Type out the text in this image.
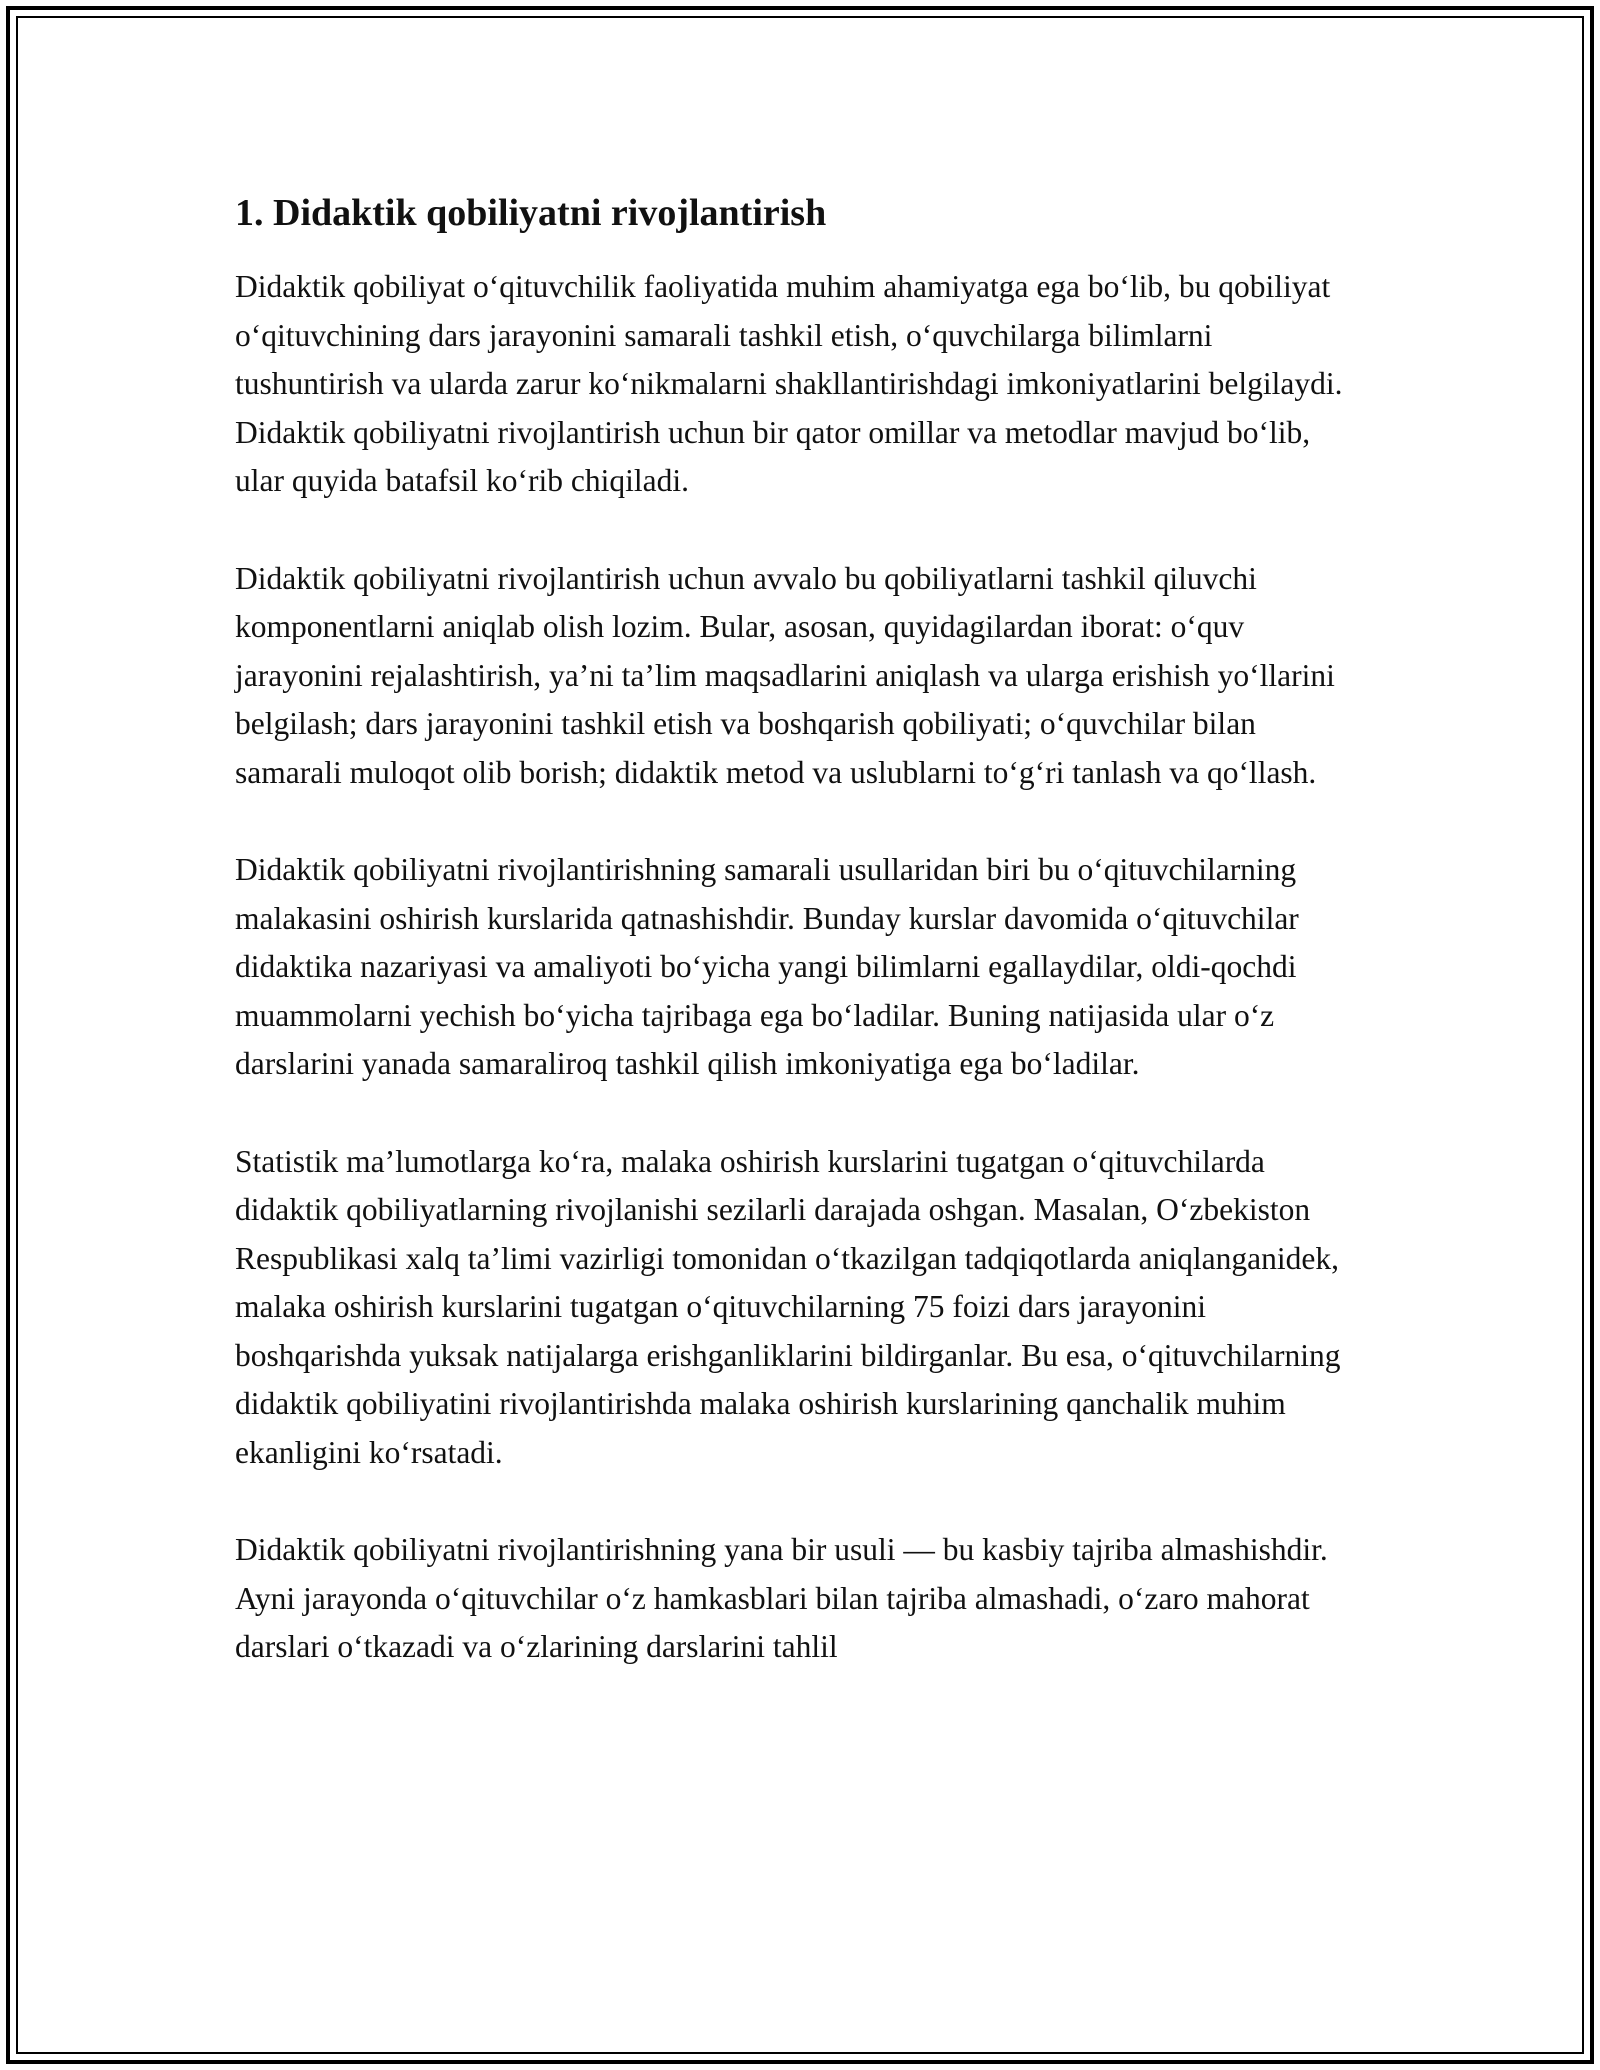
1. Didaktik qobiliyatni rivojlantirish

Didaktik qobiliyat oʻqituvchilik faoliyatida muhim ahamiyatga ega boʻlib, bu qobiliyat oʻqituvchining dars jarayonini samarali tashkil etish, oʻquvchilarga bilimlarni tushuntirish va ularda zarur koʻnikmalarni shakllantirishdagi imkoniyatlarini belgilaydi. Didaktik qobiliyatni rivojlantirish uchun bir qator omillar va metodlar mavjud boʻlib, ular quyida batafsil koʻrib chiqiladi.

Didaktik qobiliyatni rivojlantirish uchun avvalo bu qobiliyatlarni tashkil qiluvchi komponentlarni aniqlab olish lozim. Bular, asosan, quyidagilardan iborat: oʻquv jarayonini rejalashtirish, yaʼni taʼlim maqsadlarini aniqlash va ularga erishish yoʻllarini belgilash; dars jarayonini tashkil etish va boshqarish qobiliyati; oʻquvchilar bilan samarali muloqot olib borish; didaktik metod va uslublarni toʻgʻri tanlash va qoʻllash.

Didaktik qobiliyatni rivojlantirishning samarali usullaridan biri bu oʻqituvchilarning malakasini oshirish kurslarida qatnashishdir. Bunday kurslar davomida oʻqituvchilar didaktika nazariyasi va amaliyoti boʻyicha yangi bilimlarni egallaydilar, oldi-qochdi muammolarni yechish boʻyicha tajribaga ega boʻladilar. Buning natijasida ular oʻz darslarini yanada samaraliroq tashkil qilish imkoniyatiga ega boʻladilar.

Statistik maʼlumotlarga koʻra, malaka oshirish kurslarini tugatgan oʻqituvchilarda didaktik qobiliyatlarning rivojlanishi sezilarli darajada oshgan. Masalan, Oʻzbekiston Respublikasi xalq taʼlimi vazirligi tomonidan oʻtkazilgan tadqiqotlarda aniqlanganidek, malaka oshirish kurslarini tugatgan oʻqituvchilarning 75 foizi dars jarayonini boshqarishda yuksak natijalarga erishganliklarini bildirganlar. Bu esa, oʻqituvchilarning didaktik qobiliyatini rivojlantirishda malaka oshirish kurslarining qanchalik muhim ekanligini koʻrsatadi.

Didaktik qobiliyatni rivojlantirishning yana bir usuli — bu kasbiy tajriba almashishdir. Ayni jarayonda oʻqituvchilar oʻz hamkasblari bilan tajriba almashadi, oʻzaro mahorat darslari oʻtkazadi va oʻzlarining darslarini tahlil
